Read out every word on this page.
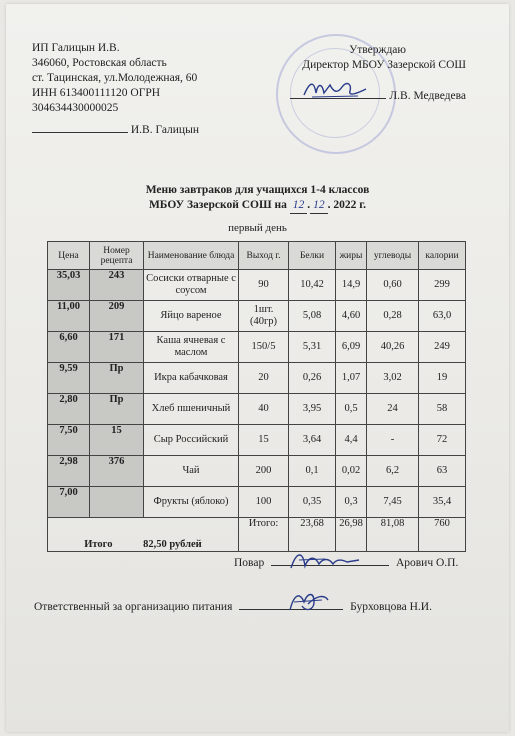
ИП Галицын И.В.
346060, Ростовская область
ст. Тацинская, ул.Молодежная, 60
ИНН 613400111120 ОГРН
304634430000025
И.В. Галицын
Утверждаю
Директор МБОУ Зазерской СОШ
Л.В. Медведева
Меню завтраков для учащихся 1-4 классов
МБОУ Зазерской СОШ на 12 . 12 . 2022 г.
первый день
Цена	Номер рецепта	Наименование блюда	Выход г.	Белки	жиры	углеводы	калории
35,03	243	Сосиски отварные с соусом	90	10,42	14,9	0,60	299
11,00	209	Яйцо вареное	1шт.(40гр)	5,08	4,60	0,28	63,0
6,60	171	Каша ячневая с маслом	150/5	5,31	6,09	40,26	249
9,59	Пр	Икра кабачковая	20	0,26	1,07	3,02	19
2,80	Пр	Хлеб пшеничный	40	3,95	0,5	24	58
7,50	15	Сыр Российский	15	3,64	4,4	-	72
2,98	376	Чай	200	0,1	0,02	6,2	63
7,00		Фрукты (яблоко)	100	0,35	0,3	7,45	35,4
Итого 82,50 рублей			Итого:	23,68	26,98	81,08	760
Повар	Арович О.П.
Ответственный за организацию питания	Бурховцова Н.И.
